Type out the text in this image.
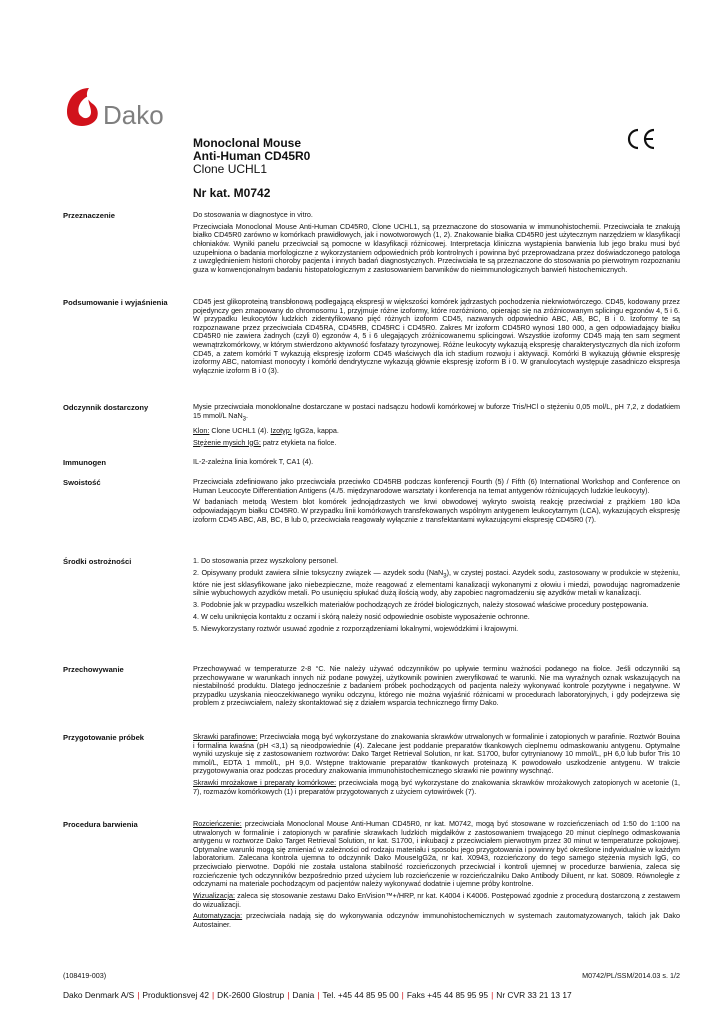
Dako
Monoclonal Mouse
Anti-Human CD45R0
Clone UCHL1
Nr kat. M0742
Przeznaczenie	Do stosowania w diagnostyce in vitro.

Przeciwciała Monoclonal Mouse Anti-Human CD45R0, Clone UCHL1, są przeznaczone do stosowania w immunohistochemii. Przeciwciała te znakują białko CD45R0 zarówno w komórkach prawidłowych, jak i nowotworowych (1, 2). Znakowanie białka CD45R0 jest użytecznym narzędziem w klasyfikacji chłoniaków. Wyniki panelu przeciwciał są pomocne w klasyfikacji różnicowej. Interpretacja kliniczna wystąpienia barwienia lub jego braku musi być uzupełniona o badania morfologiczne z wykorzystaniem odpowiednich prób kontrolnych i powinna być przeprowadzana przez doświadczonego patologa z uwzględnieniem historii choroby pacjenta i innych badań diagnostycznych. Przeciwciała te są przeznaczone do stosowania po pierwotnym rozpoznaniu guza w konwencjonalnym badaniu histopatologicznym z zastosowaniem barwników do nieimmunologicznych barwień histochemicznych.

Podsumowanie i wyjaśnienia	CD45 jest glikoproteiną transbłonową podlegającą ekspresji w większości komórek jądrzastych pochodzenia niekrwiotwórczego. CD45, kodowany przez pojedynczy gen zmapowany do chromosomu 1, przyjmuje różne izoformy, które rozróżniono, opierając się na zróżnicowanym splicingu egzonów 4, 5 i 6. W przypadku leukocytów ludzkich zidentyfikowano pięć różnych izoform CD45, nazwanych odpowiednio ABC, AB, BC, B i 0. Izoformy te są rozpoznawane przez przeciwciała CD45RA, CD45RB, CD45RC i CD45R0. Zakres Mr izoform CD45R0 wynosi 180 000, a gen odpowiadający białku CD45R0 nie zawiera żadnych (czyli 0) egzonów 4, 5 i 6 ulegających zróżnicowanemu splicingowi. Wszystkie izoformy CD45 mają ten sam segment wewnątrzkomórkowy, w którym stwierdzono aktywność fosfatazy tyrozynowej. Różne leukocyty wykazują ekspresję charakterystycznych dla nich izoform CD45, a zatem komórki T wykazują ekspresję izoform CD45 właściwych dla ich stadium rozwoju i aktywacji. Komórki B wykazują głównie ekspresję izoformy ABC, natomiast monocyty i komórki dendrytyczne wykazują głównie ekspresję izoform B i 0. W granulocytach występuje zasadniczo ekspresja wyłącznie izoform B i 0 (3).

Odczynnik dostarczony	Mysie przeciwciała monoklonalne dostarczane w postaci nadsączu hodowli komórkowej w buforze Tris/HCl o stężeniu 0,05 mol/L, pH 7,2, z dodatkiem 15 mmol/L NaN$_3$.

Klon: Clone UCHL1 (4). Izotyp: IgG2a, kappa.

Stężenie mysich IgG: patrz etykieta na fiolce.

Immunogen	IL-2-zależna linia komórek T, CA1 (4).

Swoistość	Przeciwciała zdefiniowano jako przeciwciała przeciwko CD45RB podczas konferencji Fourth (5) / Fifth (6) International Workshop and Conference on Human Leucocyte Differentiation Antigens (4./5. międzynarodowe warsztaty i konferencja na temat antygenów różnicujących ludzkie leukocyty).

W badaniach metodą Western blot komórek jednojądrzastych we krwi obwodowej wykryto swoistą reakcję przeciwciał z prążkiem 180 kDa odpowiadającym białku CD45R0. W przypadku linii komórkowych transfekowanych wspólnym antygenem leukocytarnym (LCA), wykazujących ekspresję izoform CD45 ABC, AB, BC, B lub 0, przeciwciała reagowały wyłącznie z transfektantami wykazującymi ekspresję CD45R0 (7).

Środki ostrożności	1. Do stosowania przez wyszkolony personel.

2. Opisywany produkt zawiera silnie toksyczny związek — azydek sodu (NaN$_3$), w czystej postaci. Azydek sodu, zastosowany w produkcie w stężeniu, które nie jest sklasyfikowane jako niebezpieczne, może reagować z elementami kanalizacji wykonanymi z ołowiu i miedzi, powodując nagromadzenie silnie wybuchowych azydków metali. Po usunięciu spłukać dużą ilością wody, aby zapobiec nagromadzeniu się azydków metali w kanalizacji.

3. Podobnie jak w przypadku wszelkich materiałów pochodzących ze źródeł biologicznych, należy stosować właściwe procedury postępowania.

4. W celu uniknięcia kontaktu z oczami i skórą należy nosić odpowiednie osobiste wyposażenie ochronne.

5. Niewykorzystany roztwór usuwać zgodnie z rozporządzeniami lokalnymi, wojewódzkimi i krajowymi.

Przechowywanie	Przechowywać w temperaturze 2-8 °C. Nie należy używać odczynników po upływie terminu ważności podanego na fiolce. Jeśli odczynniki są przechowywane w warunkach innych niż podane powyżej, użytkownik powinien zweryfikować te warunki. Nie ma wyraźnych oznak wskazujących na niestabilność produktu. Dlatego jednocześnie z badaniem próbek pochodzących od pacjenta należy wykonywać kontrole pozytywne i negatywne. W przypadku uzyskania nieoczekiwanego wyniku odczynu, którego nie można wyjaśnić różnicami w procedurach laboratoryjnych, i gdy podejrzewa się problem z przeciwciałem, należy skontaktować się z działem wsparcia technicznego firmy Dako.

Przygotowanie próbek	Skrawki parafinowe: Przeciwciała mogą być wykorzystane do znakowania skrawków utrwalonych w formalinie i zatopionych w parafinie. Roztwór Bouina i formalina kwaśna (pH <3,1) są nieodpowiednie (4). Zalecane jest poddanie preparatów tkankowych cieplnemu odmaskowaniu antygenu. Optymalne wyniki uzyskuje się z zastosowaniem roztworów: Dako Target Retrieval Solution, nr kat. S1700, bufor cytrynianowy 10 mmol/L, pH 6,0 lub bufor Tris 10 mmol/L, EDTA 1 mmol/L, pH 9,0. Wstępne traktowanie preparatów tkankowych proteinazą K powodowało uszkodzenie antygenu. W trakcie przygotowywania oraz podczas procedury znakowania immunohistochemicznego skrawki nie powinny wyschnąć.

Skrawki mrożakowe i preparaty komórkowe: przeciwciała mogą być wykorzystane do znakowania skrawków mrożakowych zatopionych w acetonie (1, 7), rozmazów komórkowych (1) i preparatów przygotowanych z użyciem cytowirówek (7).

Procedura barwienia	Rozcieńczenie: przeciwciała Monoclonal Mouse Anti-Human CD45R0, nr kat. M0742, mogą być stosowane w rozcieńczeniach od 1:50 do 1:100 na utrwalonych w formalinie i zatopionych w parafinie skrawkach ludzkich migdałków z zastosowaniem trwającego 20 minut cieplnego odmaskowania antygenu w roztworze Dako Target Retrieval Solution, nr kat. S1700, i inkubacji z przeciwciałem pierwotnym przez 30 minut w temperaturze pokojowej. Optymalne warunki mogą się zmieniać w zależności od rodzaju materiału i sposobu jego przygotowania i powinny być określone indywidualnie w każdym laboratorium. Zalecana kontrola ujemna to odczynnik Dako MouseIgG2a, nr kat. X0943, rozcieńczony do tego samego stężenia mysich IgG, co przeciwciało pierwotne. Dopóki nie została ustalona stabilność rozcieńczonych przeciwciał i kontroli ujemnej w procedurze barwienia, zaleca się rozcieńczenie tych odczynników bezpośrednio przed użyciem lub rozcieńczenie w rozcieńczalniku Dako Antibody Diluent, nr kat. S0809. Równoległe z odczynami na materiale pochodzącym od pacjentów należy wykonywać dodatnie i ujemne próby kontrolne.

Wizualizacja: zaleca się stosowanie zestawu Dako EnVision™+/HRP, nr kat. K4004 i K4006. Postępować zgodnie z procedurą dostarczoną z zestawem do wizualizacji.

Automatyzacja: przeciwciała nadają się do wykonywania odczynów immunohistochemicznych w systemach zautomatyzowanych, takich jak Dako Autostainer.

(108419-003)	M0742/PL/SSM/2014.03 s. 1/2
Dako Denmark A/S | Produktionsvej 42 | DK-2600 Glostrup | Dania | Tel. +45 44 85 95 00 | Faks +45 44 85 95 95 | Nr CVR 33 21 13 17
